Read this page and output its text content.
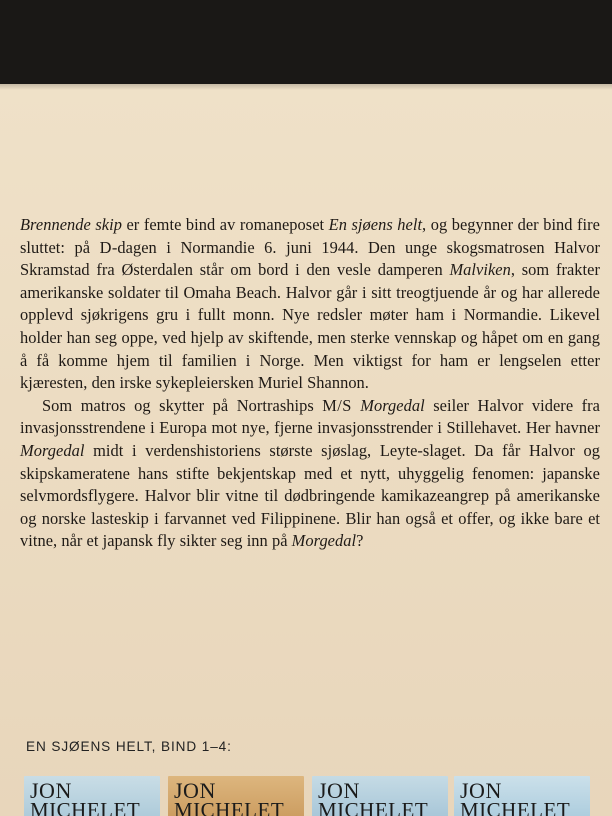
Brennende skip er femte bind av romaneposet En sjøens helt, og begynner der bind fire sluttet: på D-dagen i Normandie 6. juni 1944. Den unge skogsmatrosen Halvor Skramstad fra Østerdalen står om bord i den vesle damperen Malviken, som frakter amerikanske soldater til Omaha Beach. Halvor går i sitt treogtjuende år og har allerede opplevd sjøkrigens gru i fullt monn. Nye redsler møter ham i Normandie. Likevel holder han seg oppe, ved hjelp av skiftende, men sterke vennskap og håpet om en gang å få komme hjem til familien i Norge. Men viktigst for ham er lengselen etter kjæresten, den irske sykepleiersken Muriel Shannon.

Som matros og skytter på Nortraships M/S Morgedal seiler Halvor videre fra invasjonsstrendene i Europa mot nye, fjerne invasjonsstrender i Stillehavet. Her havner Morgedal midt i verdenshistoriens største sjøslag, Leyte-slaget. Da får Halvor og skipskameratene hans stifte bekjentskap med et nytt, uhyggelig fenomen: japanske selvmordsflygere. Halvor blir vitne til dødbringende kamikazeangrep på amerikanske og norske lasteskip i farvannet ved Filippinene. Blir han også et offer, og ikke bare et vitne, når et japansk fly sikter seg inn på Morgedal?

EN SJØENS HELT, BIND 1–4:
JON
MICHELET
JON
MICHELET
JON
MICHELET
JON
MICHELET
